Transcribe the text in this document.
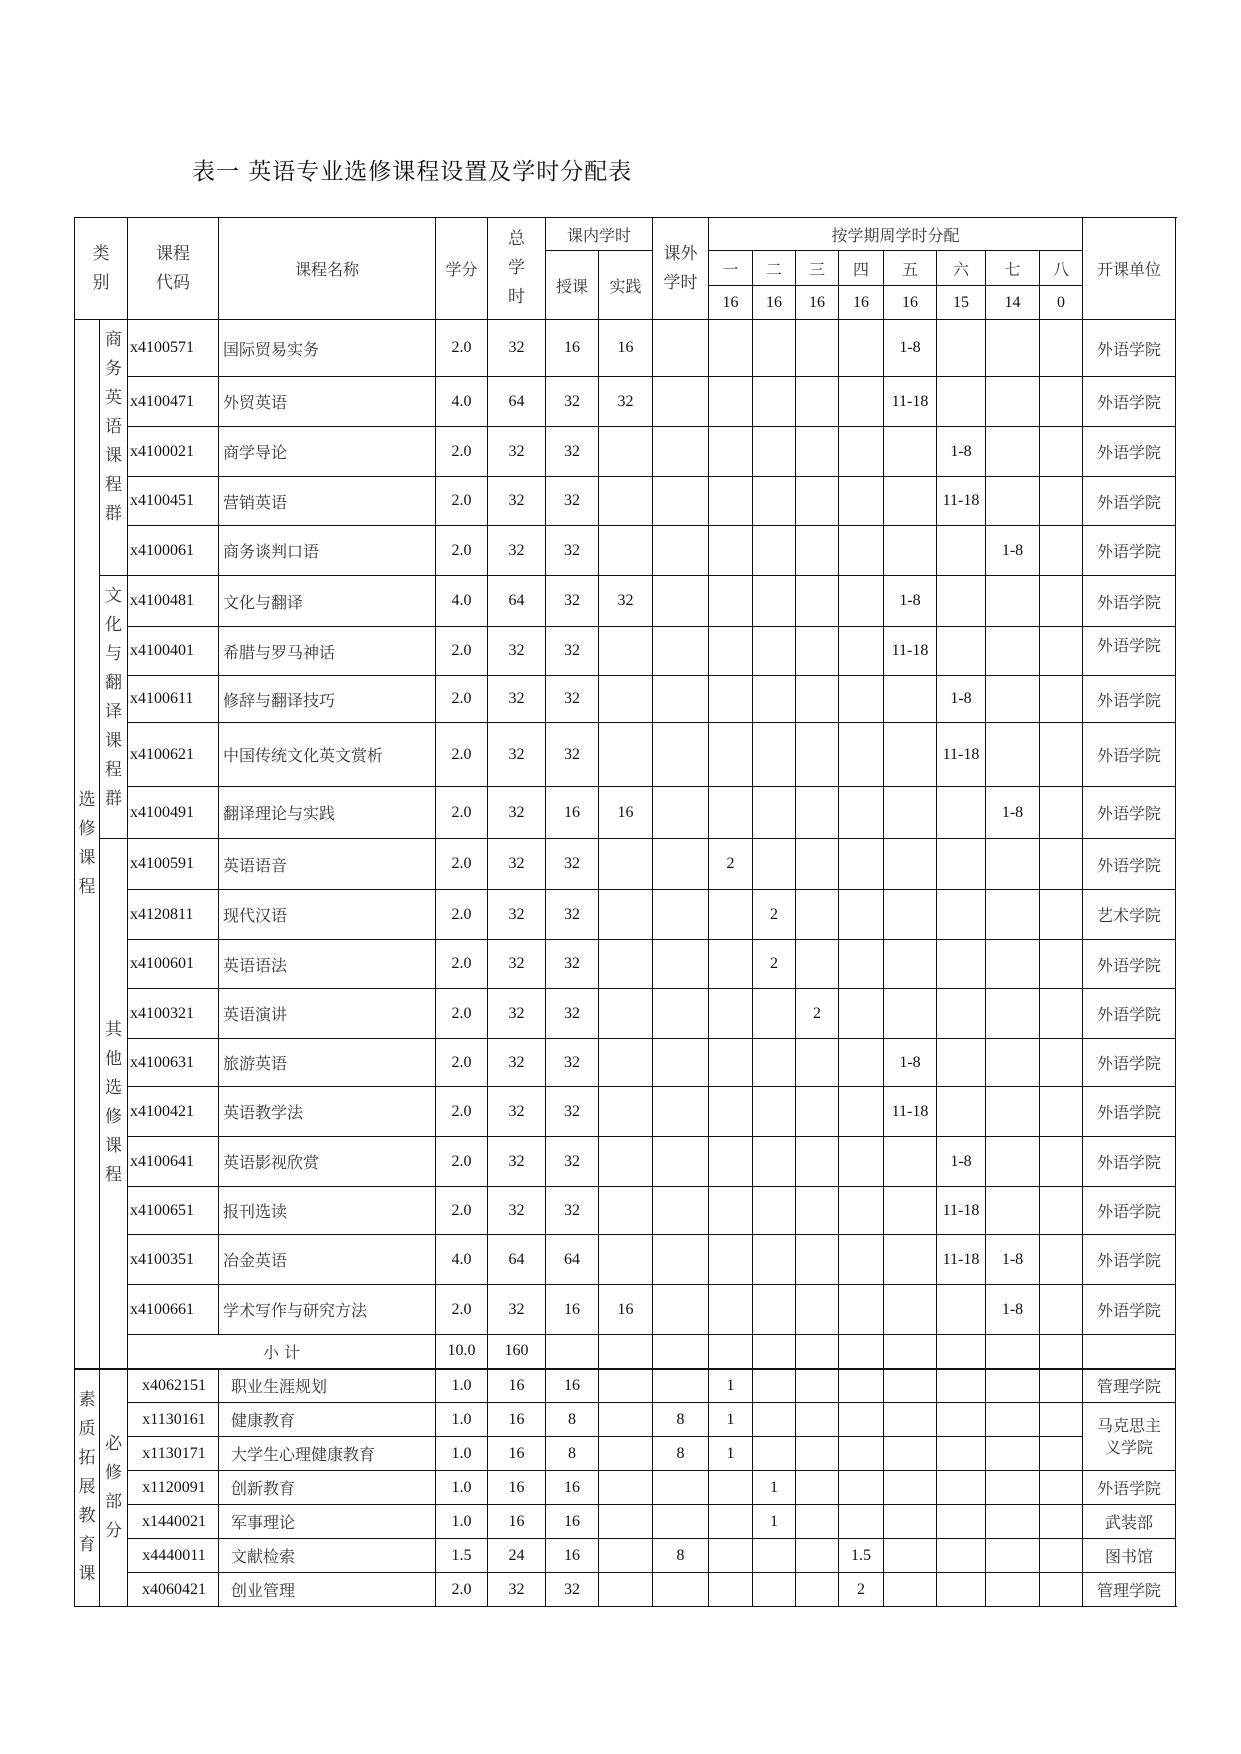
表一 英语专业选修课程设置及学时分配表
类别		课程代码	课程名称	学分	总学时	课内学时		课外学时	按学期周学时分配								开课单位	
						授课	实践		一	二	三	四	五	六	七	八		
									16	16	16	16	16	15	14	0		
选修课程	商务英语课程群	x4100571	国际贸易实务	2.0	32	16	16						1-8				外语学院	
		x4100471	外贸英语	4.0	64	32	32						11-18				外语学院	
		x4100021	商学导论	2.0	32	32								1-8			外语学院	
		x4100451	营销英语	2.0	32	32								11-18			外语学院	
		x4100061	商务谈判口语	2.0	32	32									1-8		外语学院	
	文化与翻译课程群	x4100481	文化与翻译	4.0	64	32	32						1-8				外语学院	
		x4100401	希腊与罗马神话	2.0	32	32							11-18				外语学院	
		x4100611	修辞与翻译技巧	2.0	32	32								1-8			外语学院	
		x4100621	中国传统文化英文赏析	2.0	32	32								11-18			外语学院	
		x4100491	翻译理论与实践	2.0	32	16	16								1-8		外语学院	
	其他选修课程	x4100591	英语语音	2.0	32	32			2								外语学院	
		x4120811	现代汉语	2.0	32	32				2							艺术学院	
		x4100601	英语语法	2.0	32	32				2							外语学院	
		x4100321	英语演讲	2.0	32	32					2						外语学院	
		x4100631	旅游英语	2.0	32	32							1-8				外语学院	
		x4100421	英语教学法	2.0	32	32							11-18				外语学院	
		x4100641	英语影视欣赏	2.0	32	32								1-8			外语学院	
		x4100651	报刊选读	2.0	32	32								11-18			外语学院	
		x4100351	冶金英语	4.0	64	64								11-18	1-8		外语学院	
		x4100661	学术写作与研究方法	2.0	32	16	16								1-8		外语学院	
		小 计		10.0	160														
素质拓展教育课	必修部分	x4062151	职业生涯规划	1.0	16	16			1								管理学院	
		x1130161	健康教育	1.0	16	8		8	1								马克思主义学院	
		x1130171	大学生心理健康教育	1.0	16	8		8	1									
		x1120091	创新教育	1.0	16	16				1							外语学院	
		x1440021	军事理论	1.0	16	16				1							武装部	
		x4440011	文献检索	1.5	24	16		8				1.5					图书馆	
		x4060421	创业管理	2.0	32	32						2					管理学院	
